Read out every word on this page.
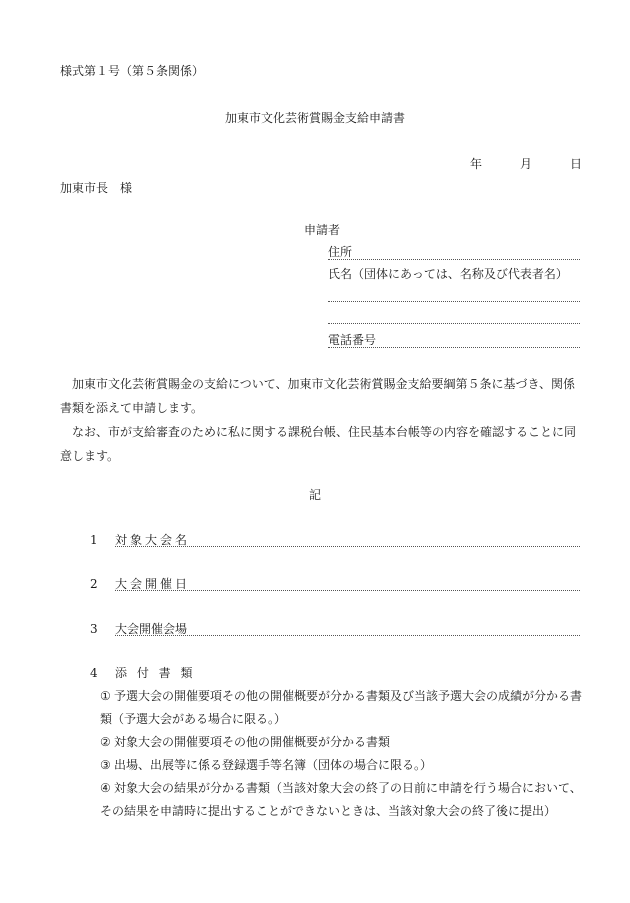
様式第１号（第５条関係）
加東市文化芸術賞賜金支給申請書
年	月	日
加東市長　様
申請者
住所
氏名（団体にあっては、名称及び代表者名）
電話番号
加東市文化芸術賞賜金の支給について、加東市文化芸術賞賜金支給要綱第５条に基づき、関係書類を添えて申請します。
なお、市が支給審査のために私に関する課税台帳、住民基本台帳等の内容を確認することに同意します。
記
1 対象大会名
2 大会開催日
3 大会開催会場
4 添 付 書 類
① 予選大会の開催要項その他の開催概要が分かる書類及び当該予選大会の成績が分かる書類（予選大会がある場合に限る。）
② 対象大会の開催要項その他の開催概要が分かる書類
③ 出場、出展等に係る登録選手等名簿（団体の場合に限る。）
④ 対象大会の結果が分かる書類（当該対象大会の終了の日前に申請を行う場合において、その結果を申請時に提出することができないときは、当該対象大会の終了後に提出）
